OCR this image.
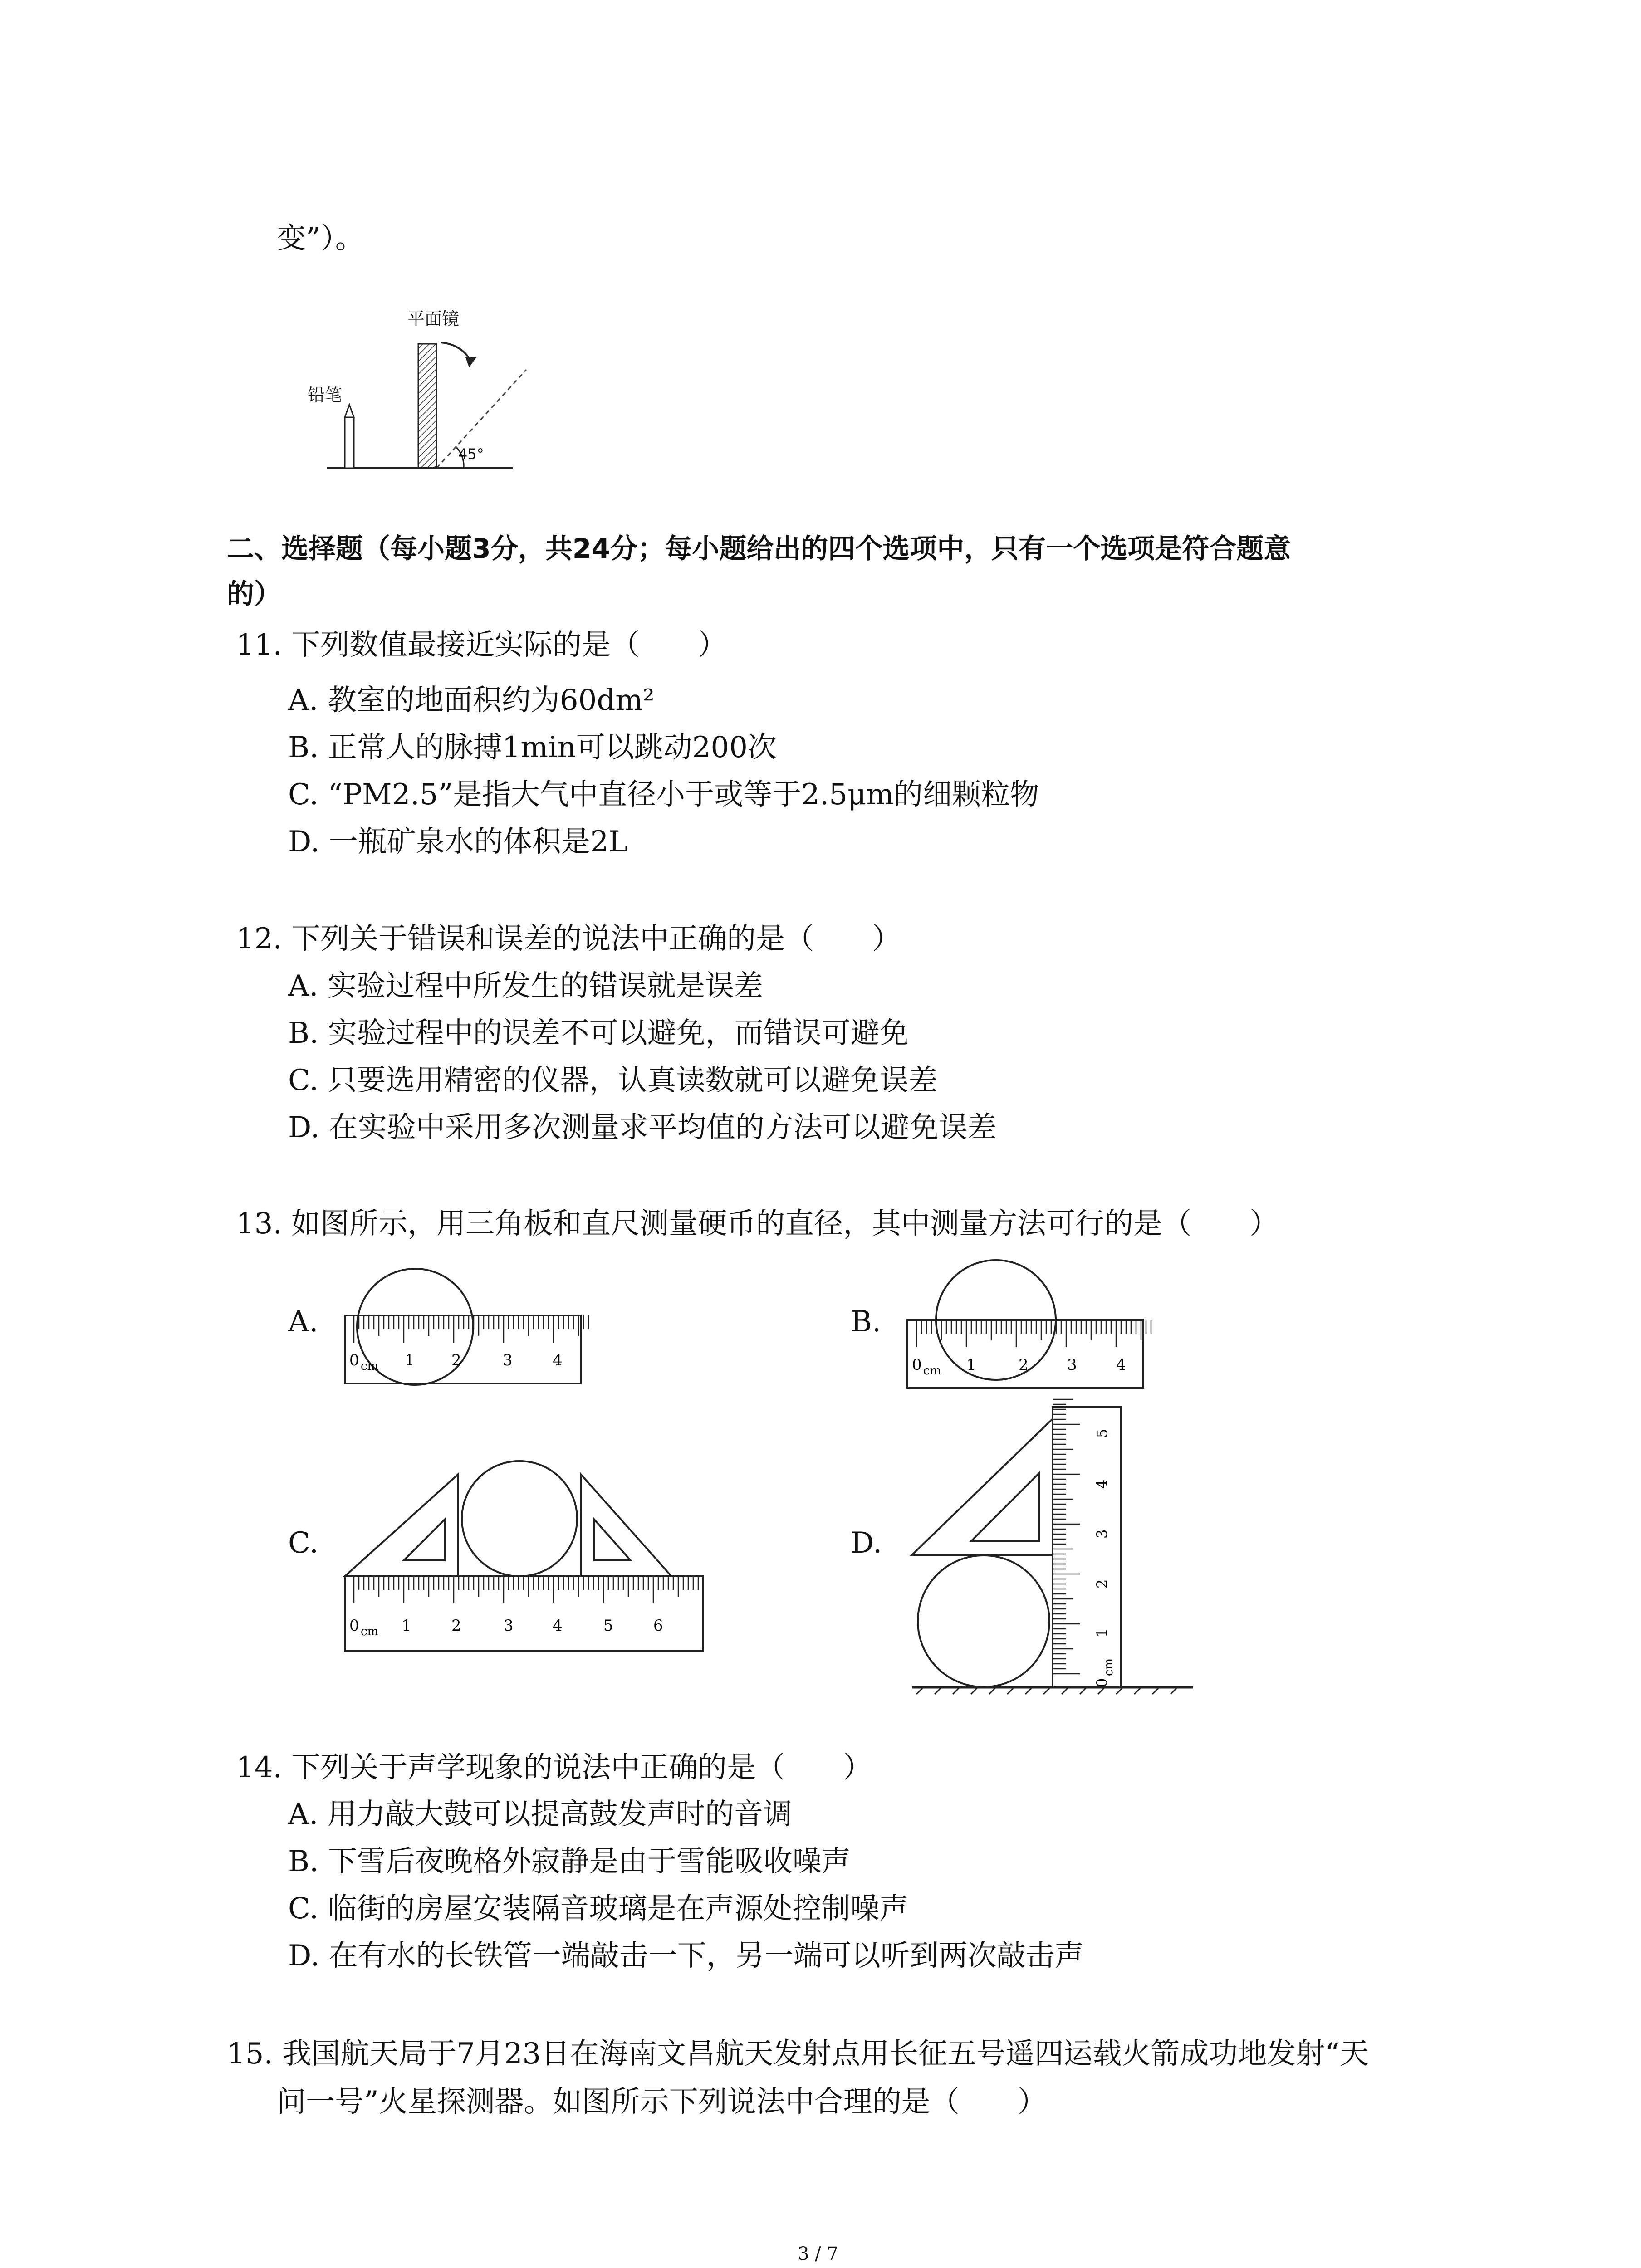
变”）。
平面镜
铅笔
45°
二、选择题（每小题3分，共24分；每小题给出的四个选项中，只有一个选项是符合题意
的）
11. 下列数值最接近实际的是（　　）
A. 教室的地面积约为60dm²
B. 正常人的脉搏1min可以跳动200次
C. “PM2.5”是指大气中直径小于或等于2.5μm的细颗粒物
D. 一瓶矿泉水的体积是2L
12. 下列关于错误和误差的说法中正确的是（　　）
A. 实验过程中所发生的错误就是误差
B. 实验过程中的误差不可以避免，而错误可避免
C. 只要选用精密的仪器，认真读数就可以避免误差
D. 在实验中采用多次测量求平均值的方法可以避免误差
13. 如图所示，用三角板和直尺测量硬币的直径，其中测量方法可行的是（　　）
A.	B.
C.	D.
0 cm 1 2	3	4	0 cm 1	2	3	4
0 cm 1	2	3	4	5	6
0
cm
1
2
3
4
5
14. 下列关于声学现象的说法中正确的是（　　）
A. 用力敲大鼓可以提高鼓发声时的音调
B. 下雪后夜晚格外寂静是由于雪能吸收噪声
C. 临街的房屋安装隔音玻璃是在声源处控制噪声
D. 在有水的长铁管一端敲击一下，另一端可以听到两次敲击声
15. 我国航天局于7月23日在海南文昌航天发射点用长征五号遥四运载火箭成功地发射“天
问一号”火星探测器。如图所示下列说法中合理的是（　　）
3 / 7
